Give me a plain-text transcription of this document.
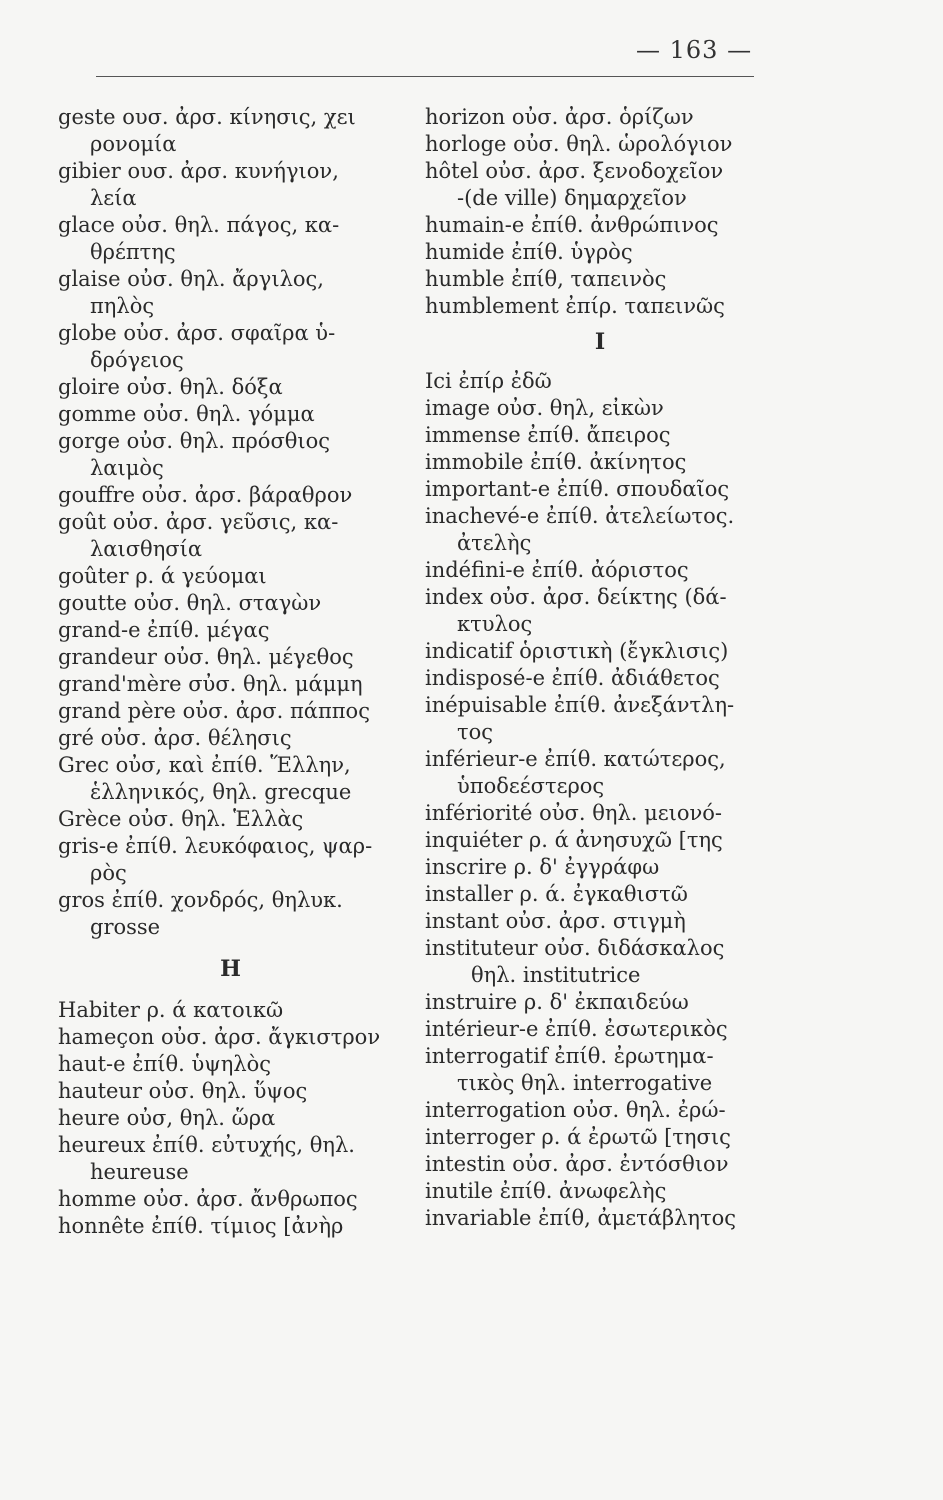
— 163 —
geste ουσ. ἀρσ. κίνησις, χει
ρονομία
gibier ουσ. ἀρσ. κυνήγιον,
λεία
glace οὐσ. θηλ. πάγος, κα-
θρέπτης
glaise οὐσ. θηλ. ἄργιλος,
πηλὸς
globe οὐσ. ἀρσ. σφαῖρα ὑ-
δρόγειος
gloire οὐσ. θηλ. δόξα
gomme οὐσ. θηλ. γόμμα
gorge οὐσ. θηλ. πρόσθιος
λαιμὸς
gouffre οὐσ. ἀρσ. βάραθρον
goût οὐσ. ἀρσ. γεῦσις, κα-
λαισθησία
goûter ρ. ά γεύομαι
goutte οὐσ. θηλ. σταγὼν
grand-e ἐπίθ. μέγας
grandeur οὐσ. θηλ. μέγεθος
grand'mère σὐσ. θηλ. μάμμη
grand père οὐσ. ἀρσ. πάππος
gré οὐσ. ἀρσ. θέλησις
Grec οὐσ, καὶ ἐπίθ. Ἕλλην,
ἑλληνικός, θηλ. grecque
Grèce οὐσ. θηλ. Ἑλλὰς
gris-e ἐπίθ. λευκόφαιος, ψαρ-
ρὸς
gros ἐπίθ. χονδρός, θηλυκ.
grosse
H
Habiter ρ. ά κατοικῶ
hameçon οὐσ. ἀρσ. ἄγκιστρον
haut-e ἐπίθ. ὑψηλὸς
hauteur οὐσ. θηλ. ὕψος
heure οὐσ, θηλ. ὥρα
heureux ἐπίθ. εὐτυχής, θηλ.
heureuse
homme οὐσ. ἀρσ. ἄνθρωπος
honnête ἐπίθ. τίμιος [ἀνὴρ
horizon οὐσ. ἀρσ. ὁρίζων
horloge οὐσ. θηλ. ὡρολόγιον
hôtel οὐσ. ἀρσ. ξενοδοχεῖον
-(de ville) δημαρχεῖον
humain-e ἐπίθ. ἀνθρώπινος
humide ἐπίθ. ὑγρὸς
humble ἐπίθ, ταπεινὸς
humblement ἐπίρ. ταπεινῶς
I
Ici ἐπίρ ἐδῶ
image οὐσ. θηλ, εἰκὼν
immense ἐπίθ. ἄπειρος
immobile ἐπίθ. ἀκίνητος
important-e ἐπίθ. σπουδαῖος
inachevé-e ἐπίθ. ἀτελείωτος.
ἀτελὴς
indéfini-e ἐπίθ. ἀόριστος
index οὐσ. ἀρσ. δείκτης (δά-
κτυλος
indicatif ὁριστικὴ (ἔγκλισις)
indisposé-e ἐπίθ. ἀδιάθετος
inépuisable ἐπίθ. ἀνεξάντλη-
τος
inférieur-e ἐπίθ. κατώτερος,
ὑποδεέστερος
infériorité οὐσ. θηλ. μειονό-
inquiéter ρ. ά ἀνησυχῶ [της
inscrire ρ. δ' ἐγγράφω
installer ρ. ά. ἐγκαθιστῶ
instant οὐσ. ἀρσ. στιγμὴ
instituteur οὐσ. διδάσκαλος
θηλ. institutrice
instruire ρ. δ' ἐκπαιδεύω
intérieur-e ἐπίθ. ἐσωτερικὸς
interrogatif ἐπίθ. ἐρωτημα-
τικὸς θηλ. interrogative
interrogation οὐσ. θηλ. ἐρώ-
interroger ρ. ά ἐρωτῶ [τησις
intestin οὐσ. ἀρσ. ἐντόσθιον
inutile ἐπίθ. ἀνωφελὴς
invariable ἐπίθ, ἀμετάβλητος
